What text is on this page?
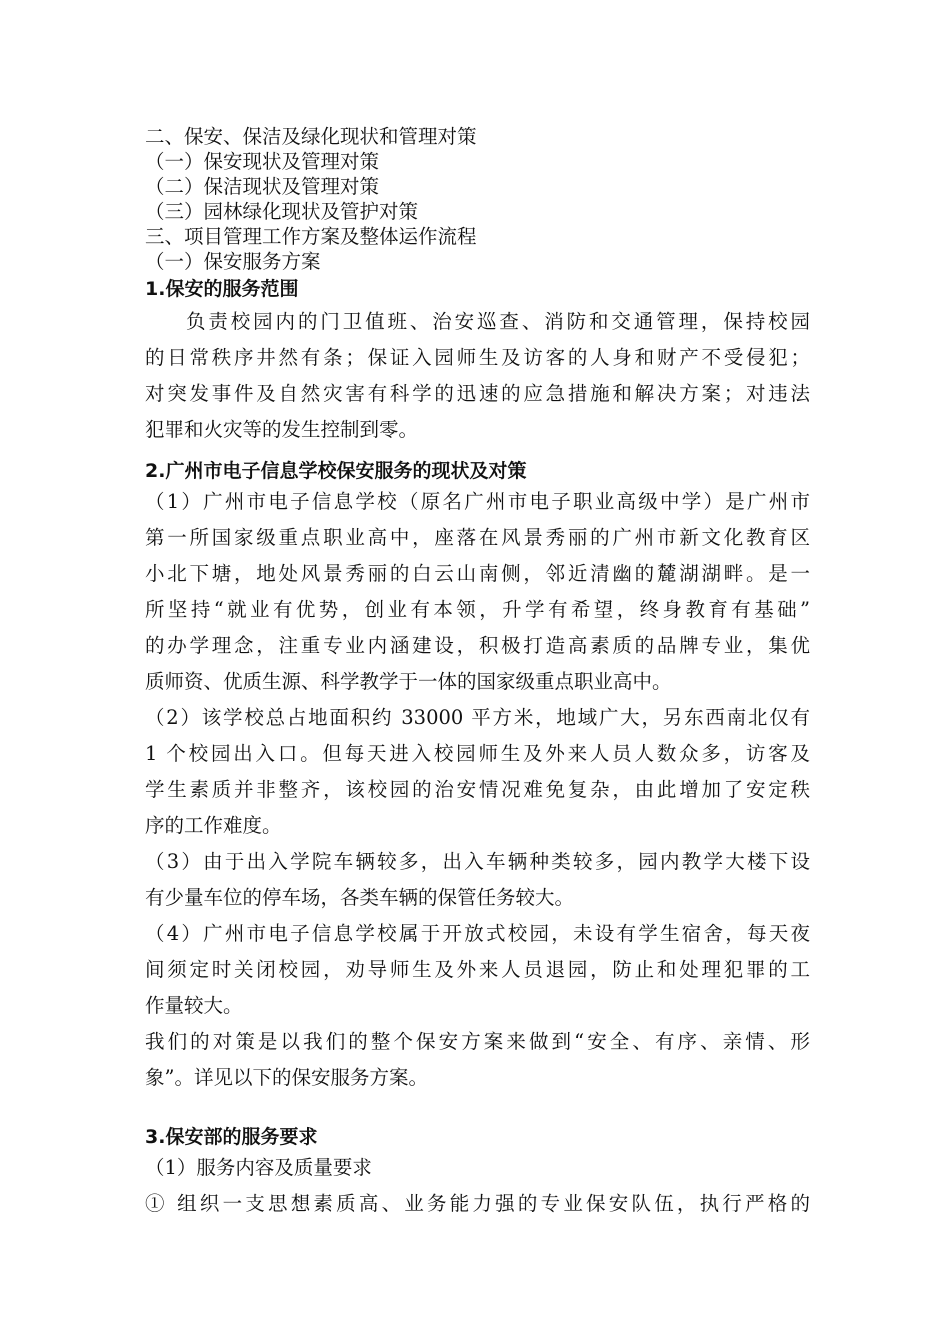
二、保安、保洁及绿化现状和管理对策
（一）保安现状及管理对策
（二）保洁现状及管理对策
（三）园林绿化现状及管护对策
三、项目管理工作方案及整体运作流程
（一）保安服务方案
1.保安的服务范围
负责校园内的门卫值班、治安巡查、消防和交通管理，保持校园
的日常秩序井然有条；保证入园师生及访客的人身和财产不受侵犯；
对突发事件及自然灾害有科学的迅速的应急措施和解决方案；对违法
犯罪和火灾等的发生控制到零。
2.广州市电子信息学校保安服务的现状及对策
（1）广州市电子信息学校（原名广州市电子职业高级中学）是广州市
第一所国家级重点职业高中，座落在风景秀丽的广州市新文化教育区
小北下塘，地处风景秀丽的白云山南侧，邻近清幽的麓湖湖畔。是一
所坚持“就业有优势，创业有本领，升学有希望，终身教育有基础”
的办学理念，注重专业内涵建设，积极打造高素质的品牌专业，集优
质师资、优质生源、科学教学于一体的国家级重点职业高中。
（2）该学校总占地面积约 33000 平方米，地域广大，另东西南北仅有
1 个校园出入口。但每天进入校园师生及外来人员人数众多，访客及
学生素质并非整齐，该校园的治安情况难免复杂，由此增加了安定秩
序的工作难度。
（3）由于出入学院车辆较多，出入车辆种类较多，园内教学大楼下设
有少量车位的停车场，各类车辆的保管任务较大。
（4）广州市电子信息学校属于开放式校园，未设有学生宿舍，每天夜
间须定时关闭校园，劝导师生及外来人员退园，防止和处理犯罪的工
作量较大。
我们的对策是以我们的整个保安方案来做到“安全、有序、亲情、形
象”。详见以下的保安服务方案。
3.保安部的服务要求
（1）服务内容及质量要求
① 组织一支思想素质高、业务能力强的专业保安队伍，执行严格的
